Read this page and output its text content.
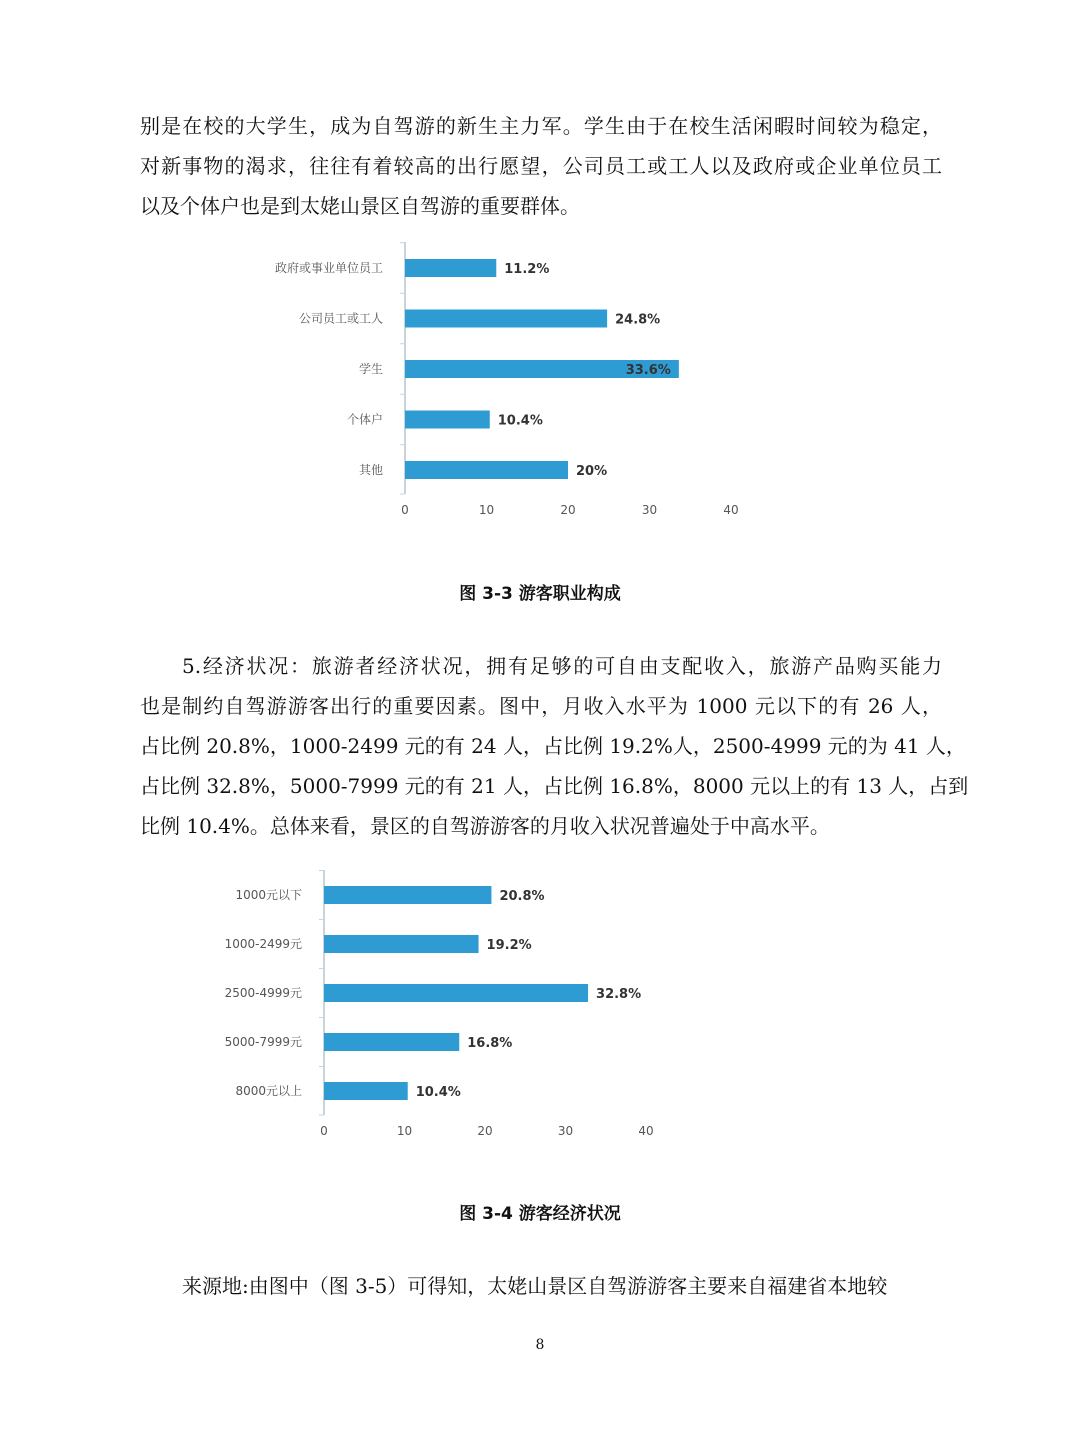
别是在校的大学生，成为自驾游的新生主力军。学生由于在校生活闲暇时间较为稳定，
对新事物的渴求，往往有着较高的出行愿望，公司员工或工人以及政府或企业单位员工
以及个体户也是到太姥山景区自驾游的重要群体。
政府或事业单位员工	11.2%
公司员工或工人	24.8%
学生	33.6%
个体户	10.4%
其他	20%
0	10	20	30	40
图 3-3 游客职业构成
5.经济状况：旅游者经济状况，拥有足够的可自由支配收入，旅游产品购买能力
也是制约自驾游游客出行的重要因素。图中，月收入水平为 1000 元以下的有 26 人，
占比例 20.8%，1000-2499 元的有 24 人，占比例 19.2%人，2500-4999 元的为 41 人，
占比例 32.8%，5000-7999 元的有 21 人，占比例 16.8%，8000 元以上的有 13 人，占到
比例 10.4%。总体来看，景区的自驾游游客的月收入状况普遍处于中高水平。
1000元以下	20.8%
1000-2499元	19.2%
2500-4999元	32.8%
5000-7999元	16.8%
8000元以上	10.4%
0	10	20	30	40
图 3-4 游客经济状况
来源地:由图中（图 3-5）可得知，太姥山景区自驾游游客主要来自福建省本地较
8
